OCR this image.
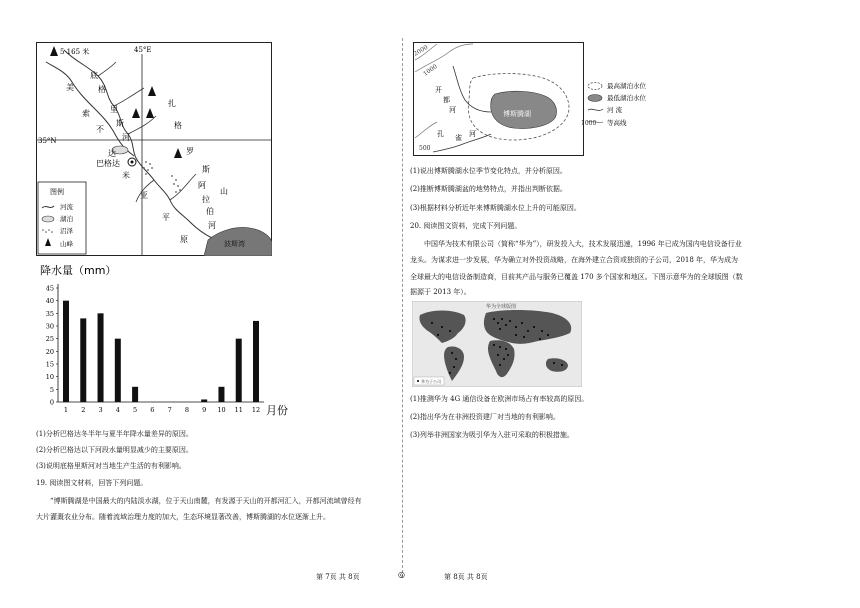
5 165 米	45°E
35°N
底
美	格
索	里
扎
不
斯	格
达
河
巴格达
米
罗
斯
亚
阿
山
拉
平
伯
河
原	波斯湾
图例
河流
湖泊
沼泽
山峰
降水量（mm）
0
5
10
15
20
25
30
35
40
45
1 2 3 4 5 6 7 8 9 10 11 12 月份
(1)分析巴格达冬半年与夏半年降水量差异的原因。
(2)分析巴格达以下河段水量明显减少的主要原因。
(3)说明底格里斯河对当地生产生活的有利影响。
19. 阅读图文材料，回答下列问题。
“博斯腾湖是中国最大的内陆淡水湖，位于天山南麓，有发源于天山的开都河汇入，开都河流域曾经有
大片灌溉农业分布。随着流域治理力度的加大，生态环境显著改善，博斯腾湖的水位逐渐上升。
2000
1000
500
开
都
河
孔 雀 河
博斯腾湖
最高湖泊水位
最低湖泊水位
河 流
1000 等高线
(1)说出博斯腾湖水位季节变化特点，并分析原因。
(2)推断博斯腾湖盆的地势特点，并指出判断依据。
(3)根据材料分析近年来博斯腾湖水位上升的可能原因。
20. 阅读图文资料，完成下列问题。
中国华为技术有限公司（简称“华为”），研发投入大，技术发展迅速，1996 年已成为国内电信设备行业
龙头。为谋求进一步发展，华为确立对外投资战略，在海外建立合资或独资的子公司，2018 年，华为成为
全球最大的电信设备制造商，目前其产品与服务已覆盖 170 多个国家和地区。下图示意华为的全球版图（数
据源于 2013 年）。
华为全球版图
华为子公司
(1)推测华为 4G 通信设备在欧洲市场占有率较高的原因。
(2)指出华为在非洲投资建厂对当地的有利影响。
(3)列举非洲国家为吸引华为入驻可采取的积极措施。
第 7页 共 8页	◎	第 8页 共 8页
